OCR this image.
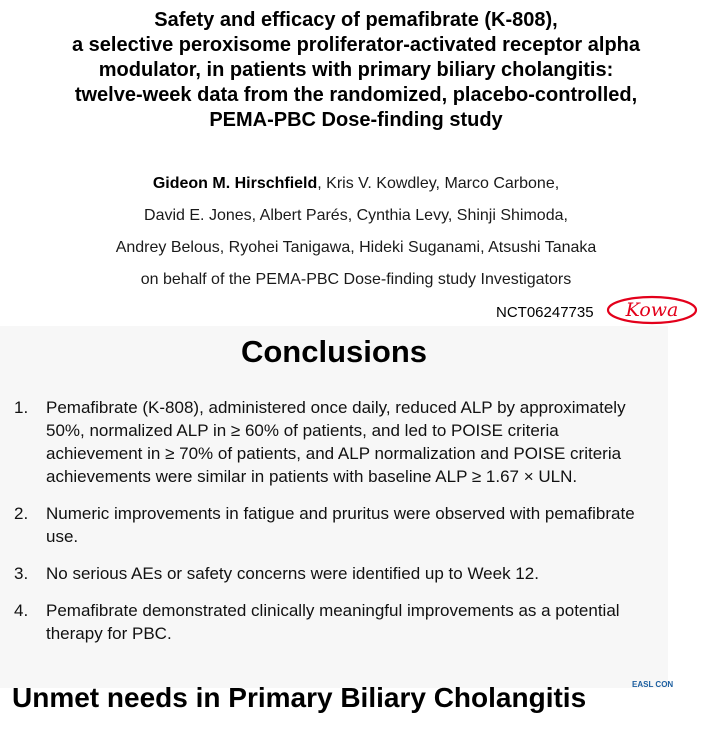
Safety and efficacy of pemafibrate (K-808),
a selective peroxisome proliferator-activated receptor alpha
modulator, in patients with primary biliary cholangitis:
twelve-week data from the randomized, placebo-controlled,
PEMA-PBC Dose-finding study
Gideon M. Hirschfield, Kris V. Kowdley, Marco Carbone,
David E. Jones, Albert Parés, Cynthia Levy, Shinji Shimoda,
Andrey Belous, Ryohei Tanigawa, Hideki Suganami, Atsushi Tanaka
on behalf of the PEMA-PBC Dose-finding study Investigators
NCT06247735 Kowa
Conclusions
1.	Pemafibrate (K-808), administered once daily, reduced ALP by approximately 50%, normalized ALP in ≥ 60% of patients, and led to POISE criteria achievement in ≥ 70% of patients, and ALP normalization and POISE criteria achievements were similar in patients with baseline ALP ≥ 1.67 × ULN.
2.	Numeric improvements in fatigue and pruritus were observed with pemafibrate use.
3.	No serious AEs or safety concerns were identified up to Week 12.
4.	Pemafibrate demonstrated clinically meaningful improvements as a potential therapy for PBC.
Unmet needs in Primary Biliary Cholangitis	EASL CON
